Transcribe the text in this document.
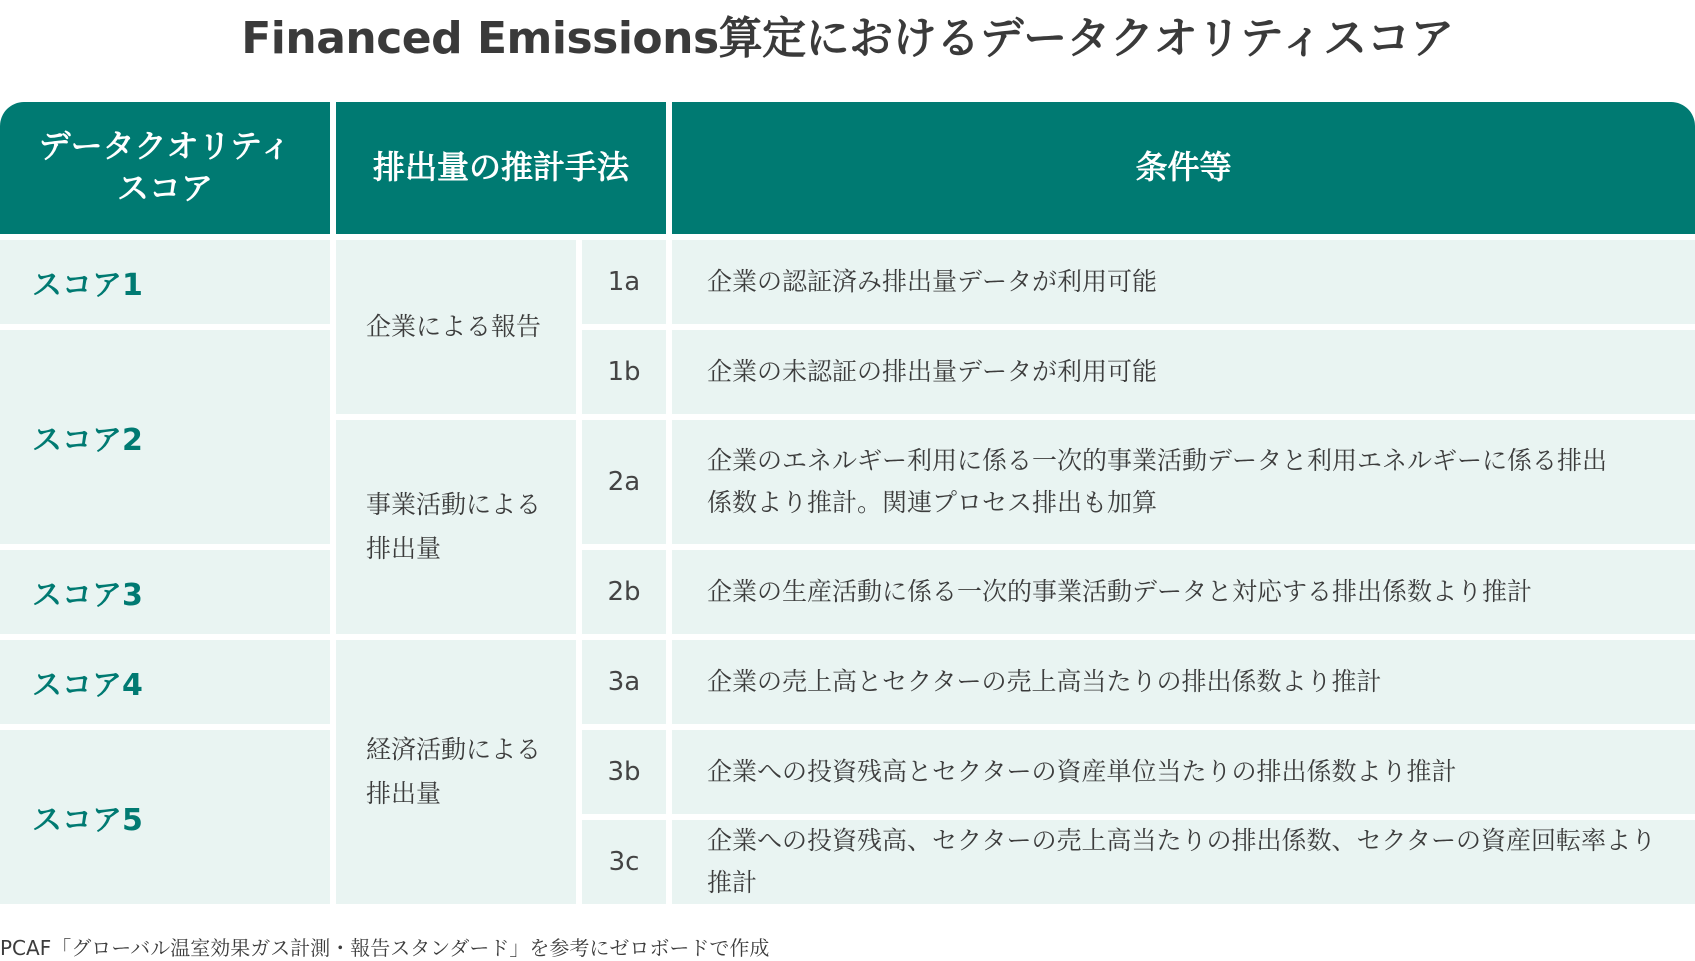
Financed Emissions算定におけるデータクオリティスコア
データクオリティ
スコア
排出量の推計手法	条件等
スコア1
スコア2
スコア3
スコア4
スコア5
企業による報告
事業活動による
排出量
経済活動による
排出量
1a
1b
2a
2b
3a
3b
3c
企業の認証済み排出量データが利用可能
企業の未認証の排出量データが利用可能
企業のエネルギー利用に係る一次的事業活動データと利用エネルギーに係る排出
係数より推計。関連プロセス排出も加算
企業の生産活動に係る一次的事業活動データと対応する排出係数より推計
企業の売上高とセクターの売上高当たりの排出係数より推計
企業への投資残高とセクターの資産単位当たりの排出係数より推計
企業への投資残高、セクターの売上高当たりの排出係数、セクターの資産回転率より推計
PCAF「グローバル温室効果ガス計測・報告スタンダード」を参考にゼロボードで作成
